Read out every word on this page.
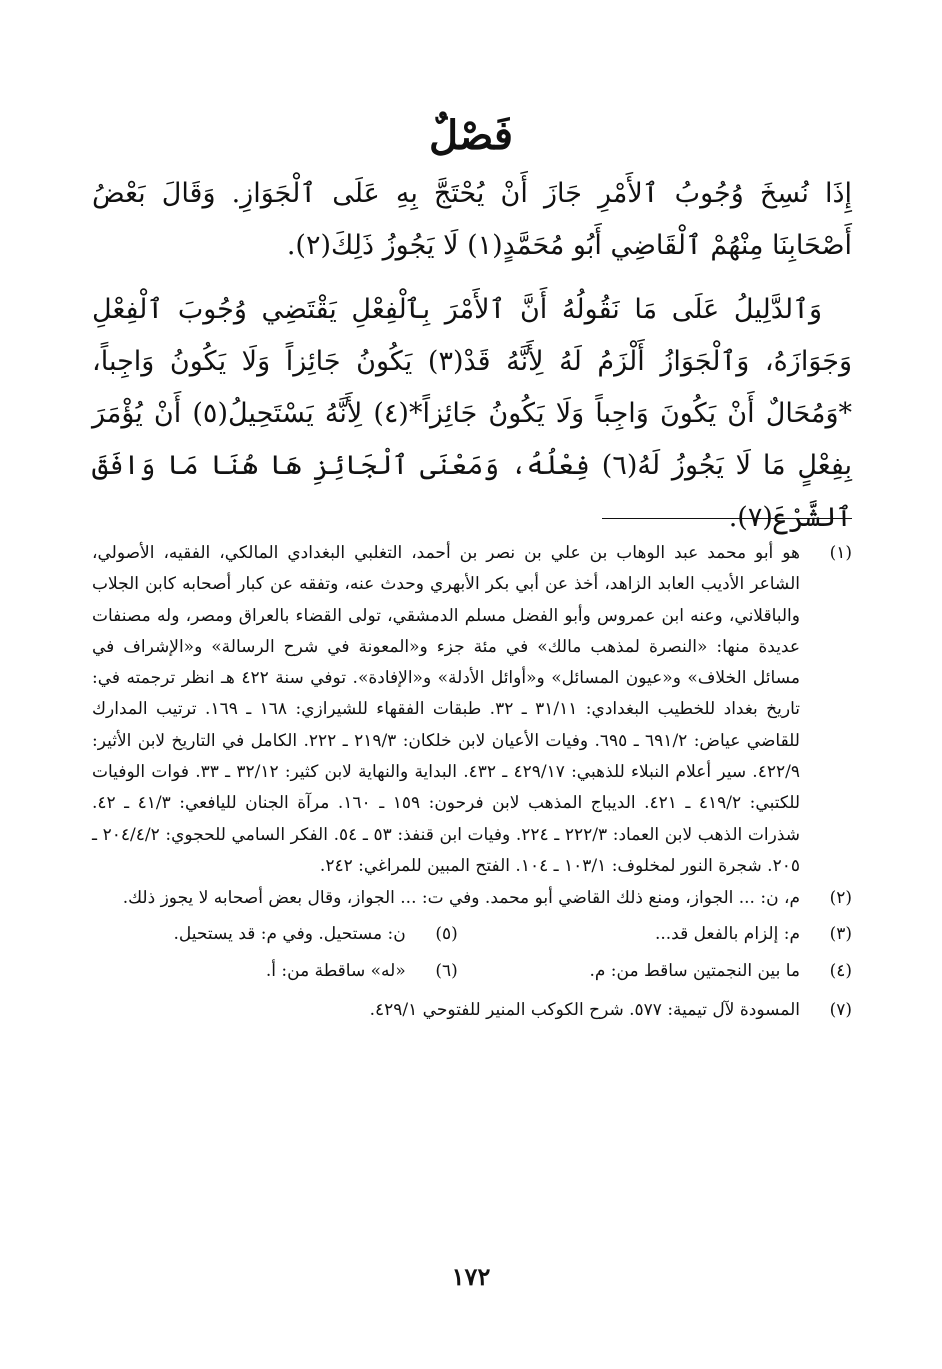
فَصْلٌ

إِذَا نُسِخَ وُجُوبُ ٱلأَمْرِ جَازَ أَنْ يُحْتَجَّ بِهِ عَلَى ٱلْجَوَازِ. وَقَالَ بَعْضُ أَصْحَابِنَا مِنْهُمْ ٱلْقَاضِي أَبُو مُحَمَّدٍ(١) لَا يَجُوزُ ذَلِكَ(٢).

وَٱلدَّلِيلُ عَلَى مَا نَقُولُهُ أَنَّ ٱلأَمْرَ بِٱلْفِعْلِ يَقْتَضِي وُجُوبَ ٱلْفِعْلِ وَجَوَازَهُ، وَٱلْجَوَازُ أَلْزَمُ لَهُ لِأَنَّهُ قَدْ(٣) يَكُونُ جَائِزاً وَلَا يَكُونُ وَاجِباً، *وَمُحَالٌ أَنْ يَكُونَ وَاجِباً وَلَا يَكُونُ جَائِزاً*(٤) لِأَنَّهُ يَسْتَحِيلُ(٥) أَنْ يُؤْمَرَ بِفِعْلٍ مَا لَا يَجُوزُ لَهُ(٦) فِعْلُهُ، وَمَعْنَى ٱلْجَائِزِ هَا هُنَا مَا وَافَقَ ٱلشَّرْعَ(٧).

(١)
هو أبو محمد عبد الوهاب بن علي بن نصر بن أحمد، التغلبي البغدادي المالكي، الفقيه، الأصولي، الشاعر الأديب العابد الزاهد، أخذ عن أبي بكر الأبهري وحدث عنه، وتفقه عن كبار أصحابه كابن الجلاب والباقلاني، وعنه ابن عمروس وأبو الفضل مسلم الدمشقي، تولى القضاء بالعراق ومصر، وله مصنفات عديدة منها: «النصرة لمذهب مالك» في مئة جزء و«المعونة في شرح الرسالة» و«الإشراف في مسائل الخلاف» و«عيون المسائل» و«أوائل الأدلة» و«الإفادة». توفي سنة ٤٢٢ هـ انظر ترجمته في: تاريخ بغداد للخطيب البغدادي: ٣١/١١ ـ ٣٢. طبقات الفقهاء للشيرازي: ١٦٨ ـ ١٦٩. ترتيب المدارك للقاضي عياض: ٦٩١/٢ ـ ٦٩٥. وفيات الأعيان لابن خلكان: ٢١٩/٣ ـ ٢٢٢. الكامل في التاريخ لابن الأثير: ٤٢٢/٩. سير أعلام النبلاء للذهبي: ٤٢٩/١٧ ـ ٤٣٢. البداية والنهاية لابن كثير: ٣٢/١٢ ـ ٣٣. فوات الوفيات للكتبي: ٤١٩/٢ ـ ٤٢١. الديباج المذهب لابن فرحون: ١٥٩ ـ ١٦٠. مرآة الجنان لليافعي: ٤١/٣ ـ ٤٢. شذرات الذهب لابن العماد: ٢٢٢/٣ ـ ٢٢٤. وفيات ابن قنفذ: ٥٣ ـ ٥٤. الفكر السامي للحجوي: ٢٠٤/٤/٢ ـ ٢٠٥. شجرة النور لمخلوف: ١٠٣/١ ـ ١٠٤. الفتح المبين للمراغي: ٢٤٢.
(٢)
م، ن: ... الجواز، ومنع ذلك القاضي أبو محمد. وفي ت: ... الجواز، وقال بعض أصحابه لا يجوز ذلك.
(٣)
م: إلزام بالفعل قد...
(٥)
ن: مستحيل. وفي م: قد يستحيل.
(٤)
ما بين النجمتين ساقط من: م.
(٦)
«له» ساقطة من: أ.
(٧)
المسودة لآل تيمية: ٥٧٧. شرح الكوكب المنير للفتوحي ٤٢٩/١.
١٧٢
